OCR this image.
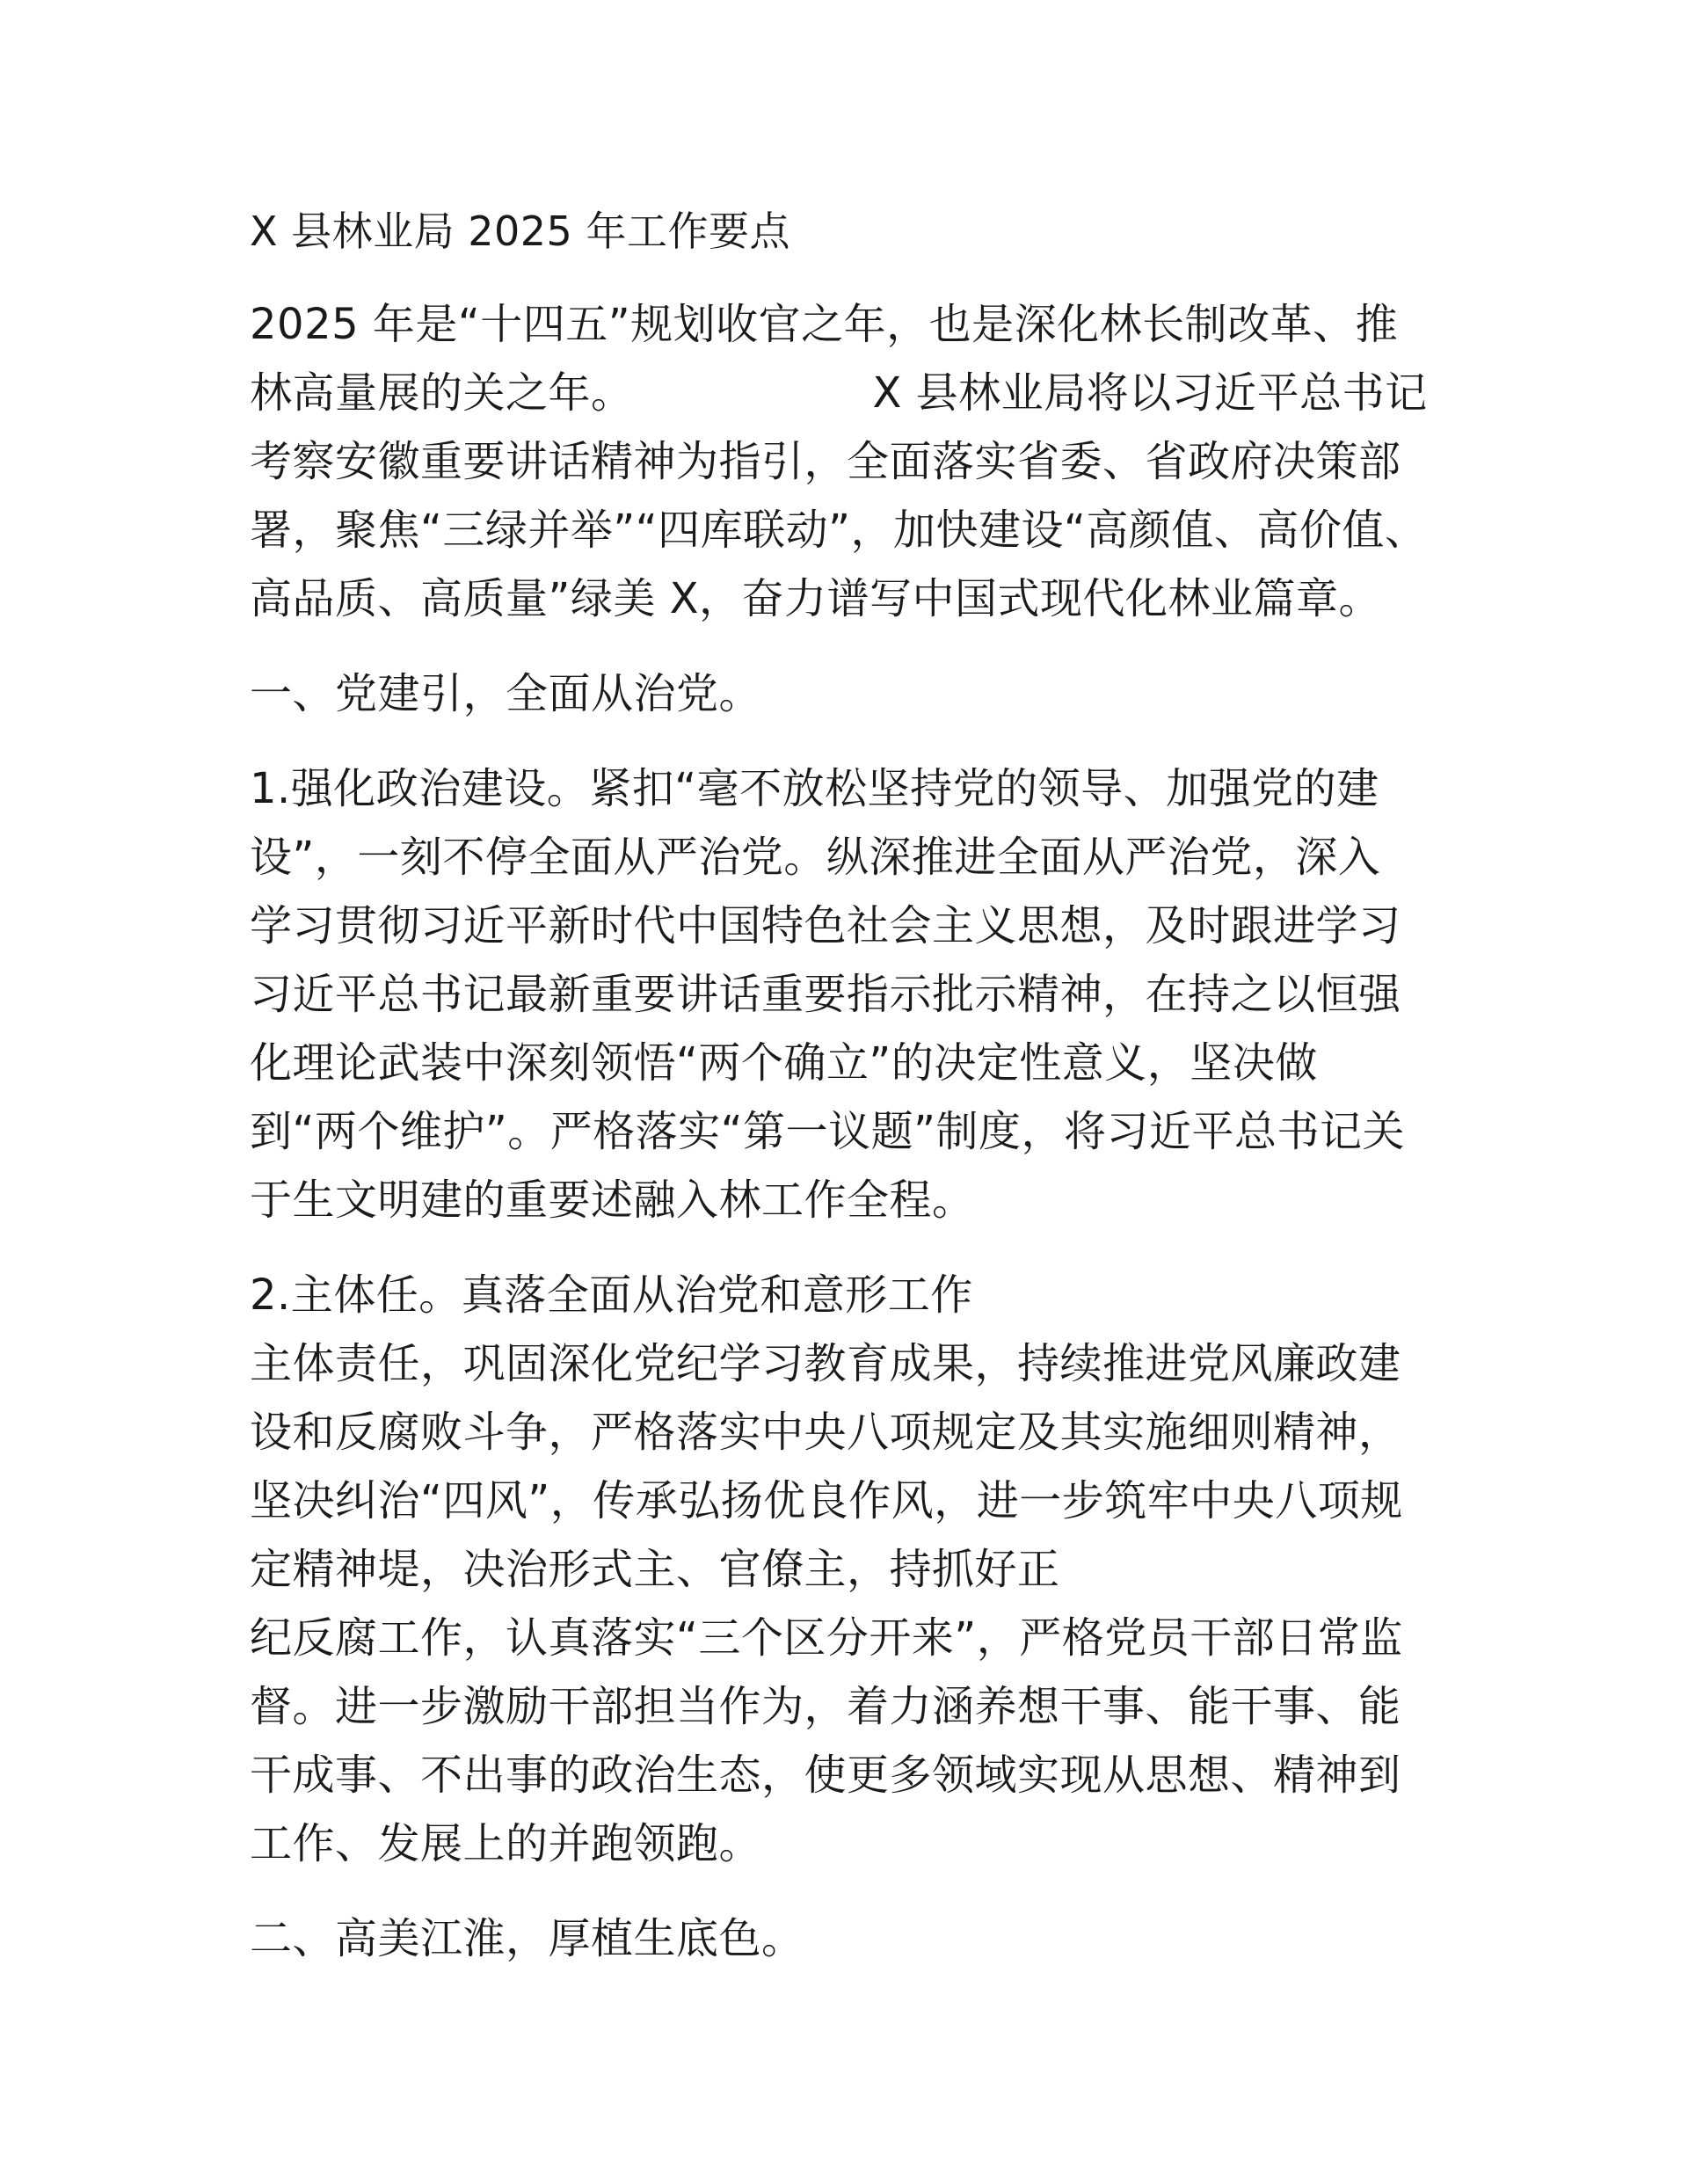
X 县林业局 2025 年工作要点
2025 年是“十四五”规划收官之年，也是深化林长制改革、推
林高量展的关之年。	X 县林业局将以习近平总书记
考察安徽重要讲话精神为指引，全面落实省委、省政府决策部
署，聚焦“三绿并举”“四库联动”，加快建设“高颜值、高价值、
高品质、高质量”绿美 X，奋力谱写中国式现代化林业篇章。
一、党建引，全面从治党。
1.强化政治建设。紧扣“毫不放松坚持党的领导、加强党的建
设”，一刻不停全面从严治党。纵深推进全面从严治党，深入
学习贯彻习近平新时代中国特色社会主义思想，及时跟进学习
习近平总书记最新重要讲话重要指示批示精神，在持之以恒强
化理论武装中深刻领悟“两个确立”的决定性意义，坚决做
到“两个维护”。严格落实“第一议题”制度，将习近平总书记关
于生文明建的重要述融入林工作全程。
2.主体任。真落全面从治党和意形工作
主体责任，巩固深化党纪学习教育成果，持续推进党风廉政建
设和反腐败斗争，严格落实中央八项规定及其实施细则精神，
坚决纠治“四风”，传承弘扬优良作风，进一步筑牢中央八项规
定精神堤，决治形式主、官僚主，持抓好正
纪反腐工作，认真落实“三个区分开来”，严格党员干部日常监
督。进一步激励干部担当作为，着力涵养想干事、能干事、能
干成事、不出事的政治生态，使更多领域实现从思想、精神到
工作、发展上的并跑领跑。
二、高美江淮，厚植生底色。
